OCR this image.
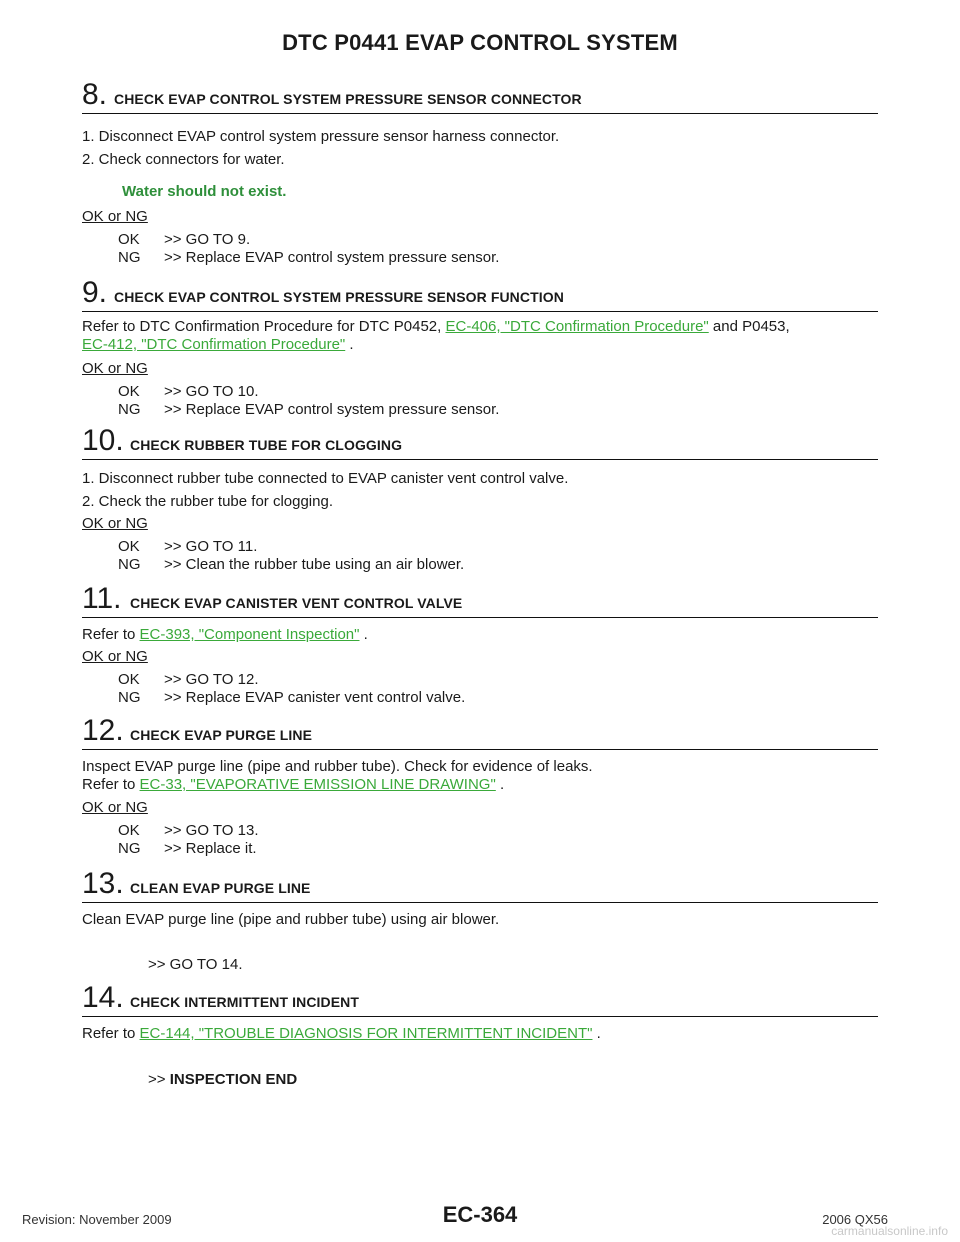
DTC P0441 EVAP CONTROL SYSTEM
8. CHECK EVAP CONTROL SYSTEM PRESSURE SENSOR CONNECTOR
1. Disconnect EVAP control system pressure sensor harness connector.
2. Check connectors for water.
Water should not exist.
OK or NG
OK >> GO TO 9.
NG >> Replace EVAP control system pressure sensor.
9. CHECK EVAP CONTROL SYSTEM PRESSURE SENSOR FUNCTION
Refer to DTC Confirmation Procedure for DTC P0452, EC-406, "DTC Confirmation Procedure" and P0453,
EC-412, "DTC Confirmation Procedure" .
OK or NG
OK >> GO TO 10.
NG >> Replace EVAP control system pressure sensor.
10. CHECK RUBBER TUBE FOR CLOGGING
1. Disconnect rubber tube connected to EVAP canister vent control valve.
2. Check the rubber tube for clogging.
OK or NG
OK >> GO TO 11.
NG >> Clean the rubber tube using an air blower.
11. CHECK EVAP CANISTER VENT CONTROL VALVE
Refer to EC-393, "Component Inspection" .
OK or NG
OK >> GO TO 12.
NG >> Replace EVAP canister vent control valve.
12. CHECK EVAP PURGE LINE
Inspect EVAP purge line (pipe and rubber tube). Check for evidence of leaks.
Refer to EC-33, "EVAPORATIVE EMISSION LINE DRAWING" .
OK or NG
OK >> GO TO 13.
NG >> Replace it.
13. CLEAN EVAP PURGE LINE
Clean EVAP purge line (pipe and rubber tube) using air blower.
>> GO TO 14.
14. CHECK INTERMITTENT INCIDENT
Refer to EC-144, "TROUBLE DIAGNOSIS FOR INTERMITTENT INCIDENT" .
>> INSPECTION END
Revision: November 2009	EC-364	2006 QX56
carmanualsonline.info
